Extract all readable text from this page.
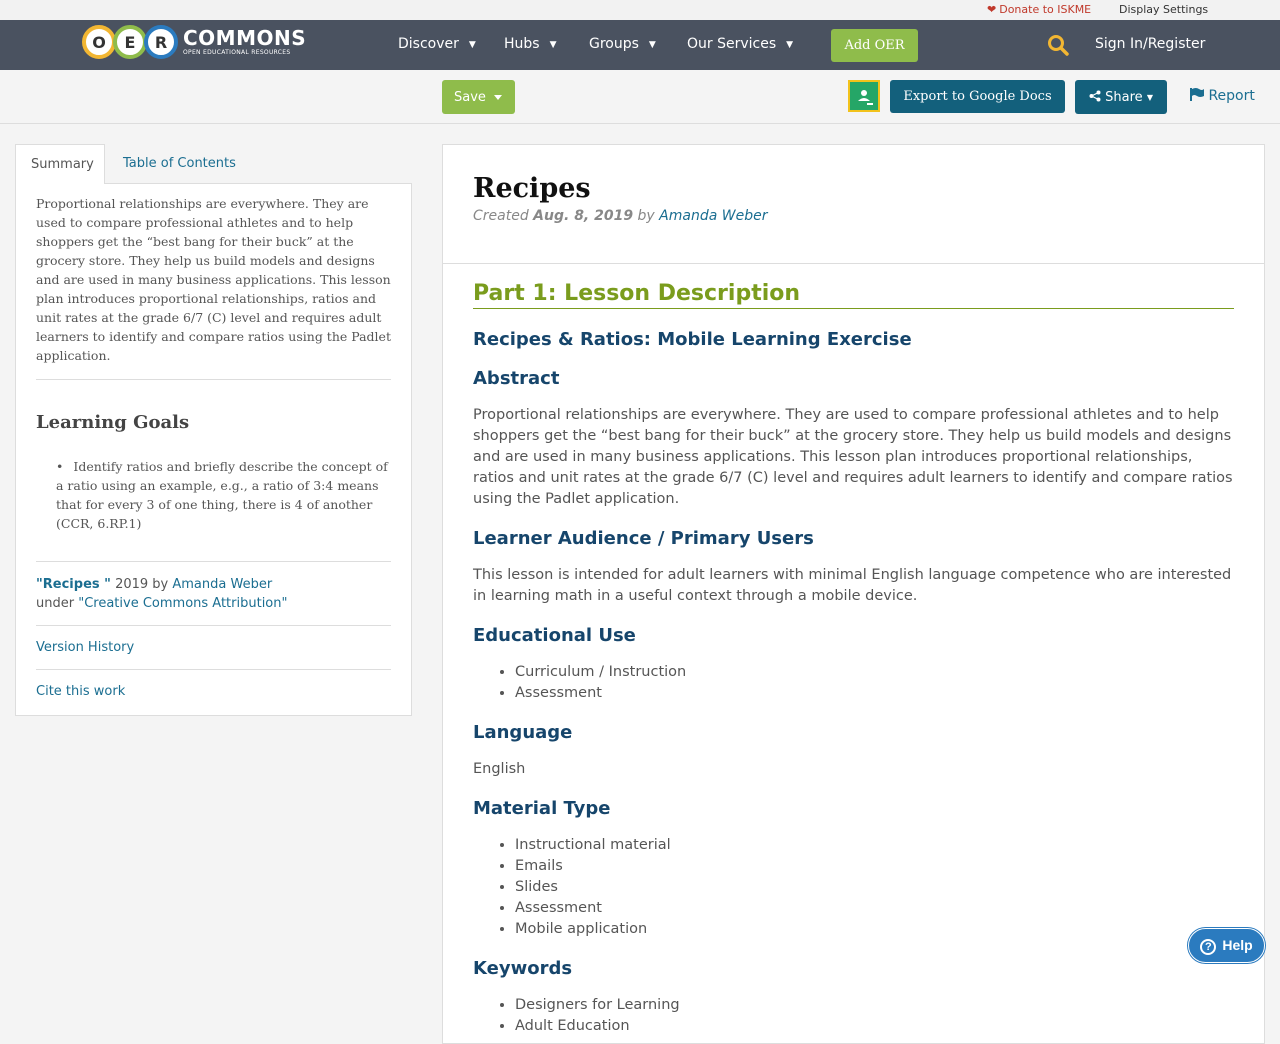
❤ Donate to ISKME	Display Settings
O	E	R COMMONS
OPEN EDUCATIONAL RESOURCES
Discover ▼ Hubs ▼ Groups ▼ Our Services ▼	Add OER	Sign In/Register
Save	Export to Google Docs	Share ▼	Report
Summary	Table of Contents

Proportional relationships are everywhere. They are used to compare professional athletes and to help shoppers get the “best bang for their buck” at the grocery store. They help us build models and designs and are used in many business applications. This lesson plan introduces proportional relationships, ratios and unit rates at the grade 6/7 (C) level and requires adult learners to identify and compare ratios using the Padlet application.

Learning Goals
• Identify ratios and briefly describe the concept of a ratio using an example, e.g., a ratio of 3:4 means that for every 3 of one thing, there is 4 of another (CCR, 6.RP.1)
"Recipes " 2019 by Amanda Weber
under "Creative Commons Attribution"
Version History
Cite this work
Recipes
Created Aug. 8, 2019 by Amanda Weber
Part 1: Lesson Description
Recipes & Ratios: Mobile Learning Exercise
Abstract

Proportional relationships are everywhere. They are used to compare professional athletes and to help shoppers get the “best bang for their buck” at the grocery store. They help us build models and designs and are used in many business applications. This lesson plan introduces proportional relationships, ratios and unit rates at the grade 6/7 (C) level and requires adult learners to identify and compare ratios using the Padlet application.

Learner Audience / Primary Users

This lesson is intended for adult learners with minimal English language competence who are interested in learning math in a useful context through a mobile device.

Educational Use
• Curriculum / Instruction
• Assessment
Language

English

Material Type
• Instructional material
• Emails
• Slides
• Assessment
• Mobile application
Keywords
• Designers for Learning
• Adult Education
? Help
